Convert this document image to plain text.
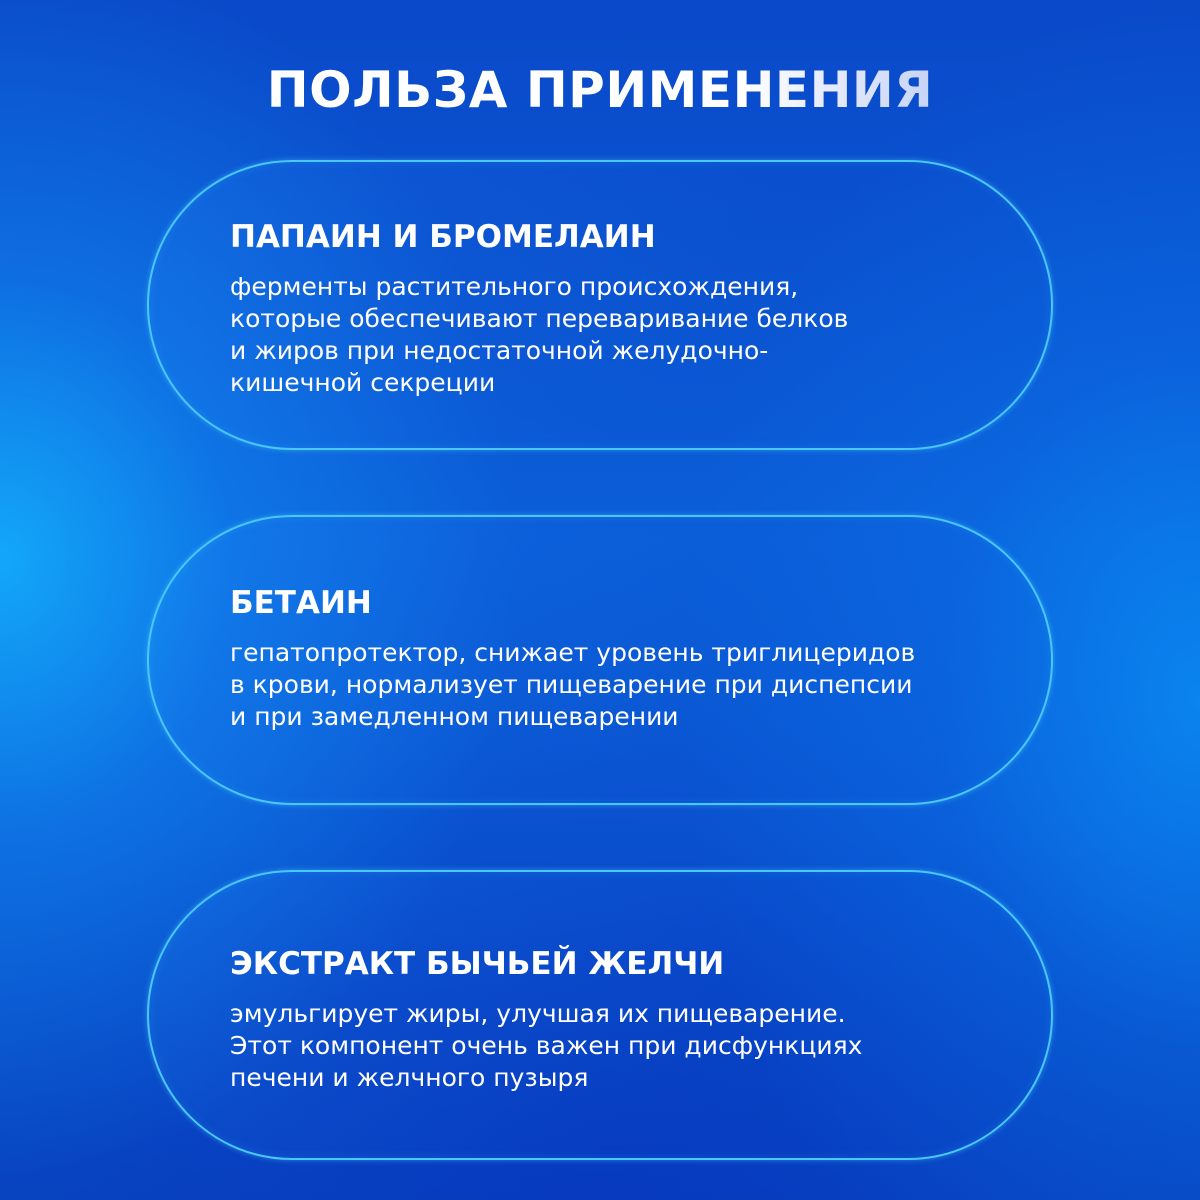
ПОЛЬЗА ПРИМЕНЕНИЯ
ПАПАИН И БРОМЕЛАИН

ферменты растительного происхождения,
которые обеспечивают переваривание белков
и жиров при недостаточной желудочно-
кишечной секреции

БЕТАИН

гепатопротектор, снижает уровень триглицеридов
в крови, нормализует пищеварение при диспепсии
и при замедленном пищеварении

ЭКСТРАКТ БЫЧЬЕЙ ЖЕЛЧИ

эмульгирует жиры, улучшая их пищеварение.
Этот компонент очень важен при дисфункциях
печени и желчного пузыря
